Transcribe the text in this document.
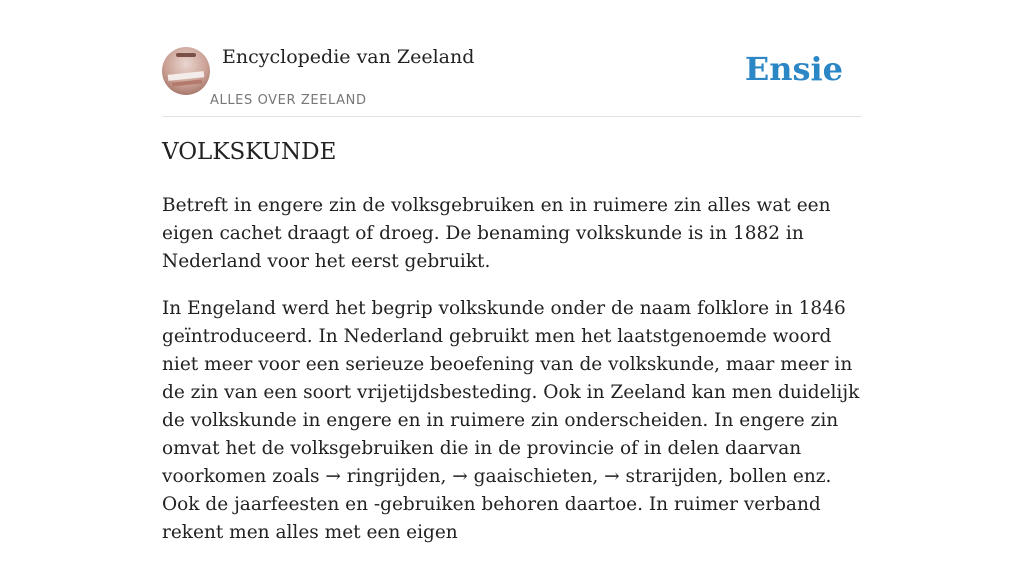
Encyclopedie van Zeeland
ALLES OVER ZEELAND
Ensie
VOLKSKUNDE

Betreft in engere zin de volksgebruiken en in ruimere zin alles wat een eigen cachet draagt of droeg. De benaming volkskunde is in 1882 in Nederland voor het eerst gebruikt.

In Engeland werd het begrip volkskunde onder de naam folklore in 1846 geïntroduceerd. In Nederland gebruikt men het laatstgenoemde woord niet meer voor een serieuze beoefening van de volkskunde, maar meer in de zin van een soort vrijetijdsbesteding. Ook in Zeeland kan men duidelijk de volkskunde in engere en in ruimere zin onderscheiden. In engere zin omvat het de volksgebruiken die in de provincie of in delen daarvan voorkomen zoals → ringrijden, → gaaischieten, → strarijden, bollen enz. Ook de jaarfeesten en -gebruiken behoren daartoe. In ruimer verband rekent men alles met een eigen
